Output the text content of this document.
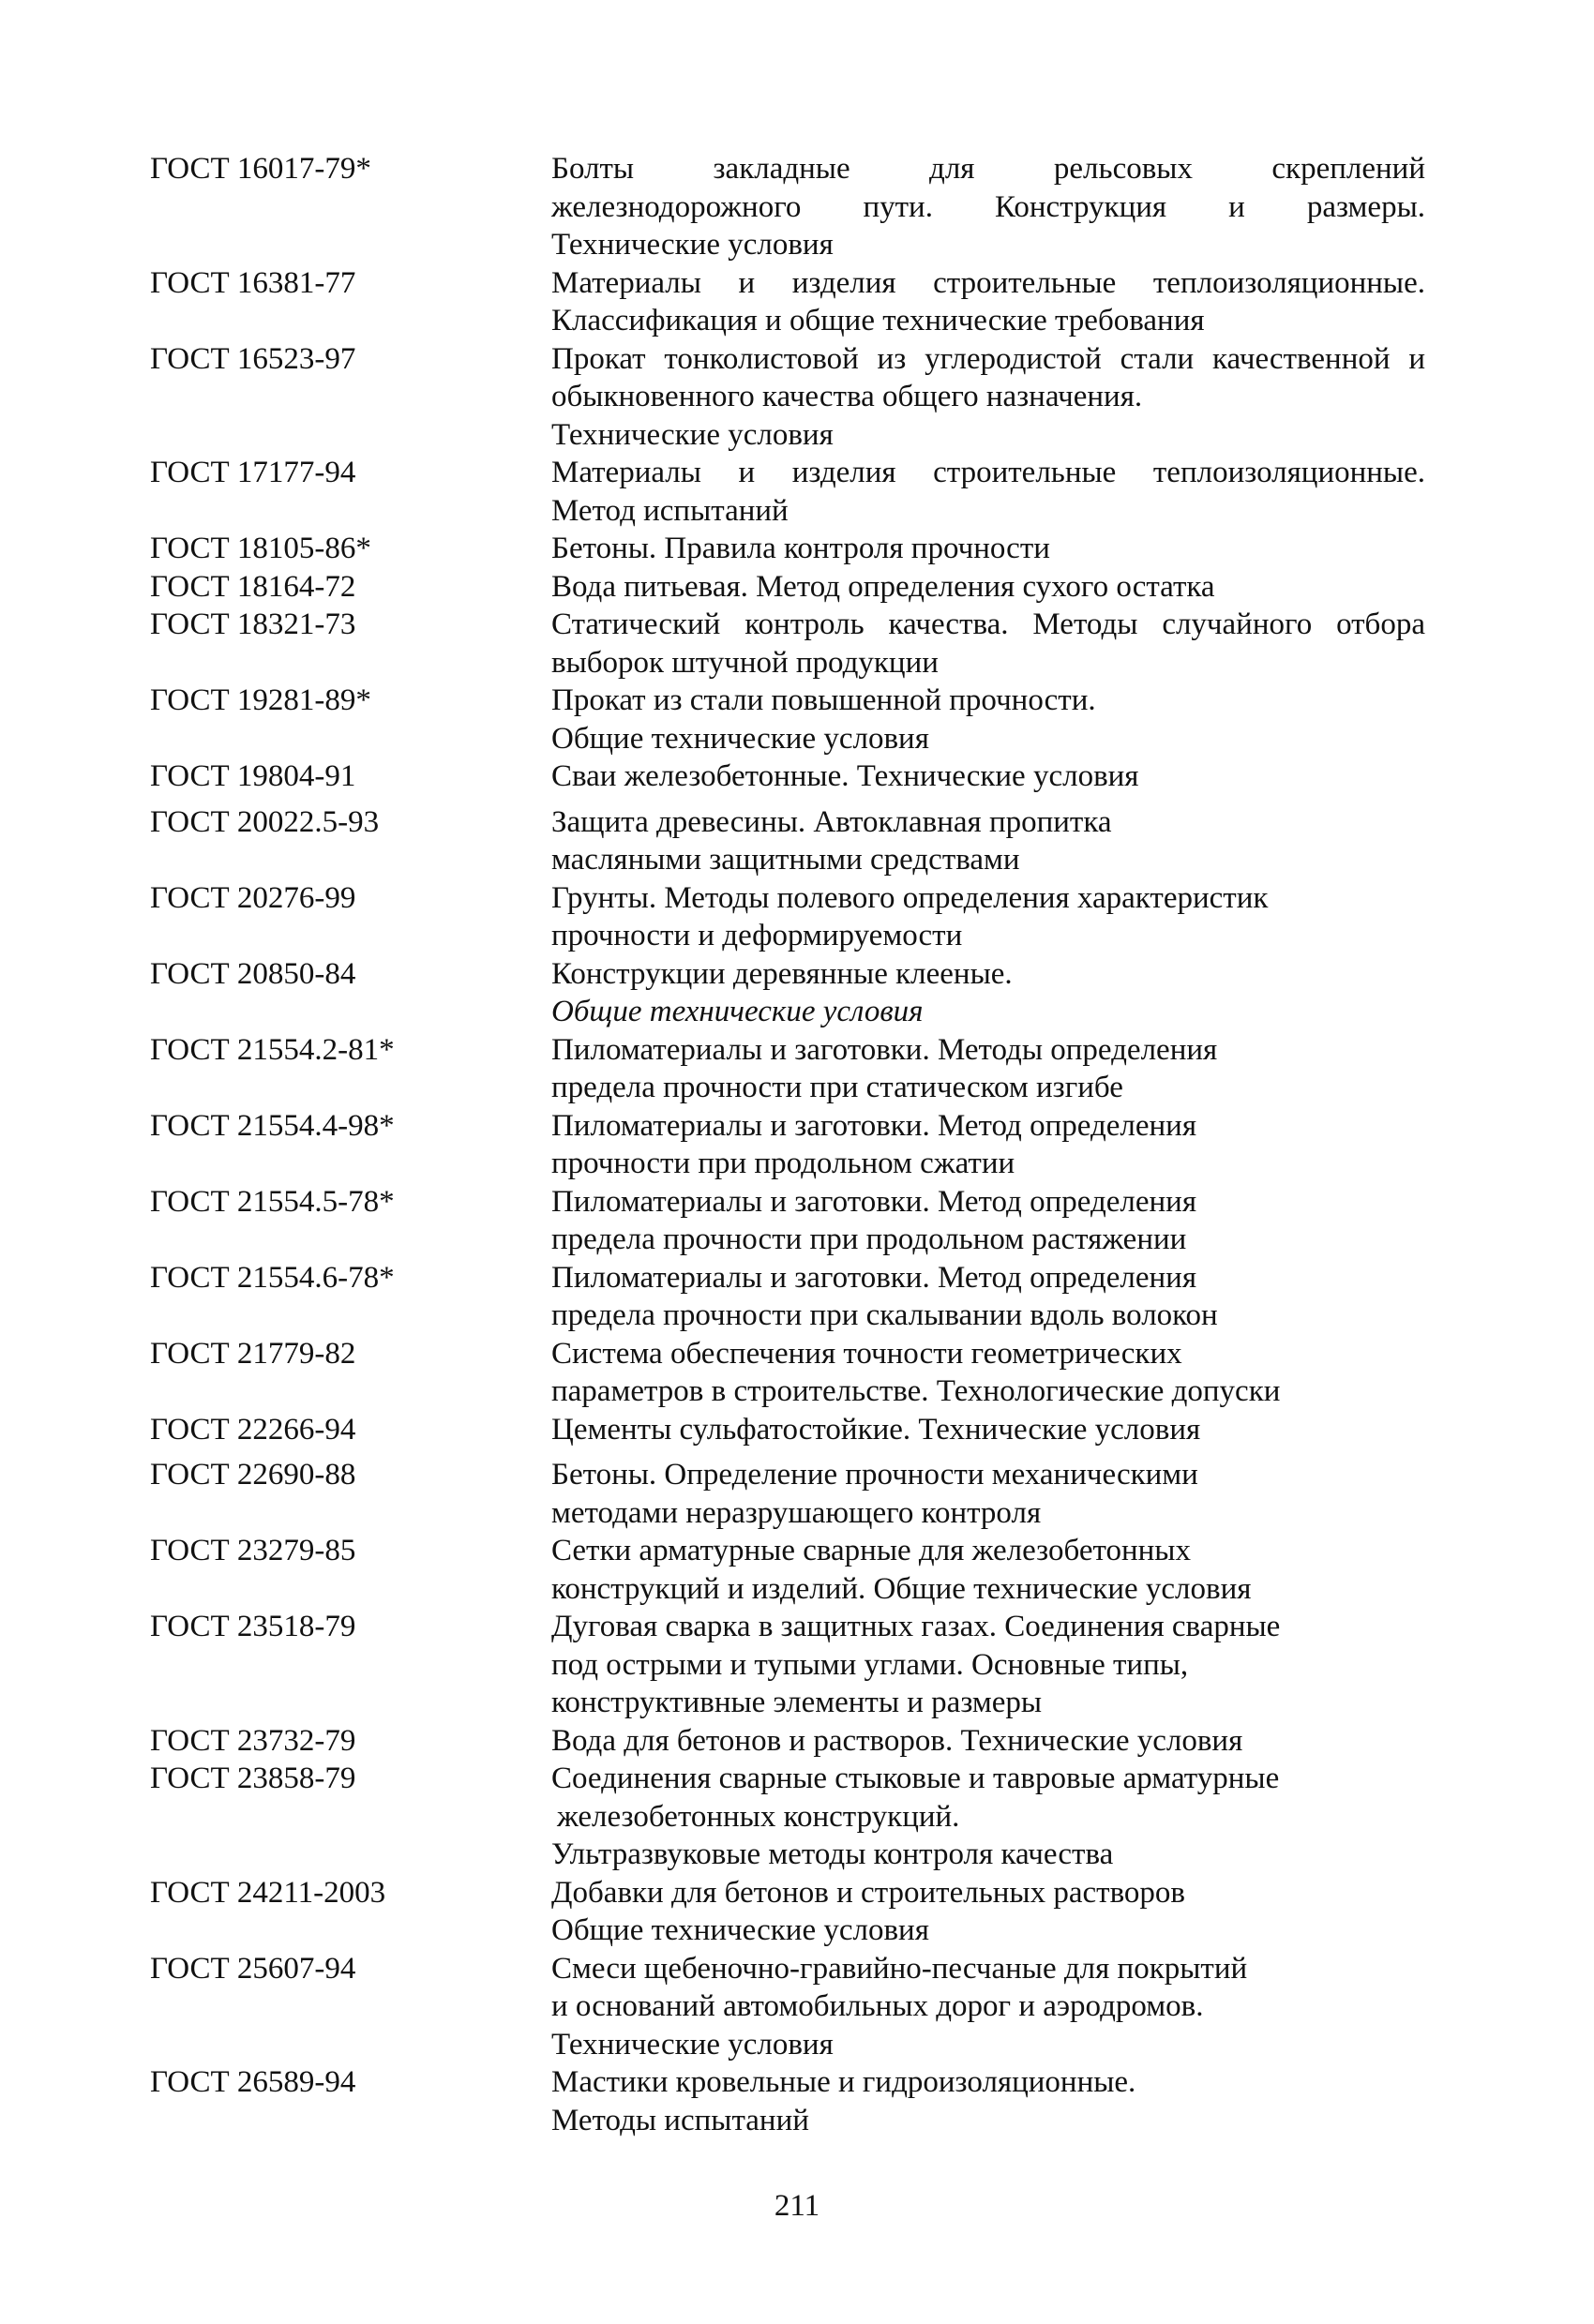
ГОСТ 16017-79*	Болты закладные для рельсовых скреплений
железнодорожного пути. Конструкция и размеры.
Технические условия
ГОСТ 16381-77	Материалы и изделия строительные теплоизоляционные.
Классификация и общие технические требования
ГОСТ 16523-97	Прокат тонколистовой из углеродистой стали качественной и
обыкновенного качества общего назначения.
Технические условия
ГОСТ 17177-94	Материалы и изделия строительные теплоизоляционные.
Метод испытаний
ГОСТ 18105-86*	Бетоны. Правила контроля прочности
ГОСТ 18164-72	Вода питьевая. Метод определения сухого остатка
ГОСТ 18321-73	Статический контроль качества. Методы случайного отбора
выборок штучной продукции
ГОСТ 19281-89*	Прокат из стали повышенной прочности.
Общие технические условия
ГОСТ 19804-91	Сваи железобетонные. Технические условия
ГОСТ 20022.5-93	Защита древесины. Автоклавная пропитка
масляными защитными средствами
ГОСТ 20276-99	Грунты. Методы полевого определения характеристик
прочности и деформируемости
ГОСТ 20850-84	Конструкции деревянные клееные.
Общие технические условия
ГОСТ 21554.2-81*	Пиломатериалы и заготовки. Методы определения
предела прочности при статическом изгибе
ГОСТ 21554.4-98*	Пиломатериалы и заготовки. Метод определения
прочности при продольном сжатии
ГОСТ 21554.5-78*	Пиломатериалы и заготовки. Метод определения
предела прочности при продольном растяжении
ГОСТ 21554.6-78*	Пиломатериалы и заготовки. Метод определения
предела прочности при скалывании вдоль волокон
ГОСТ 21779-82	Система обеспечения точности геометрических
параметров в строительстве. Технологические допуски
ГОСТ 22266-94	Цементы сульфатостойкие. Технические условия
ГОСТ 22690-88	Бетоны. Определение прочности механическими
методами неразрушающего контроля
ГОСТ 23279-85	Сетки арматурные сварные для железобетонных
конструкций и изделий. Общие технические условия
ГОСТ 23518-79	Дуговая сварка в защитных газах. Соединения сварные
под острыми и тупыми углами. Основные типы,
конструктивные элементы и размеры
ГОСТ 23732-79	Вода для бетонов и растворов. Технические условия
ГОСТ 23858-79	Соединения сварные стыковые и тавровые арматурные
железобетонных конструкций.
Ультразвуковые методы контроля качества
ГОСТ 24211-2003	Добавки для бетонов и строительных растворов
Общие технические условия
ГОСТ 25607-94	Смеси щебеночно-гравийно-песчаные для покрытий
и оснований автомобильных дорог и аэродромов.
Технические условия
ГОСТ 26589-94	Мастики кровельные и гидроизоляционные.
Методы испытаний
211
